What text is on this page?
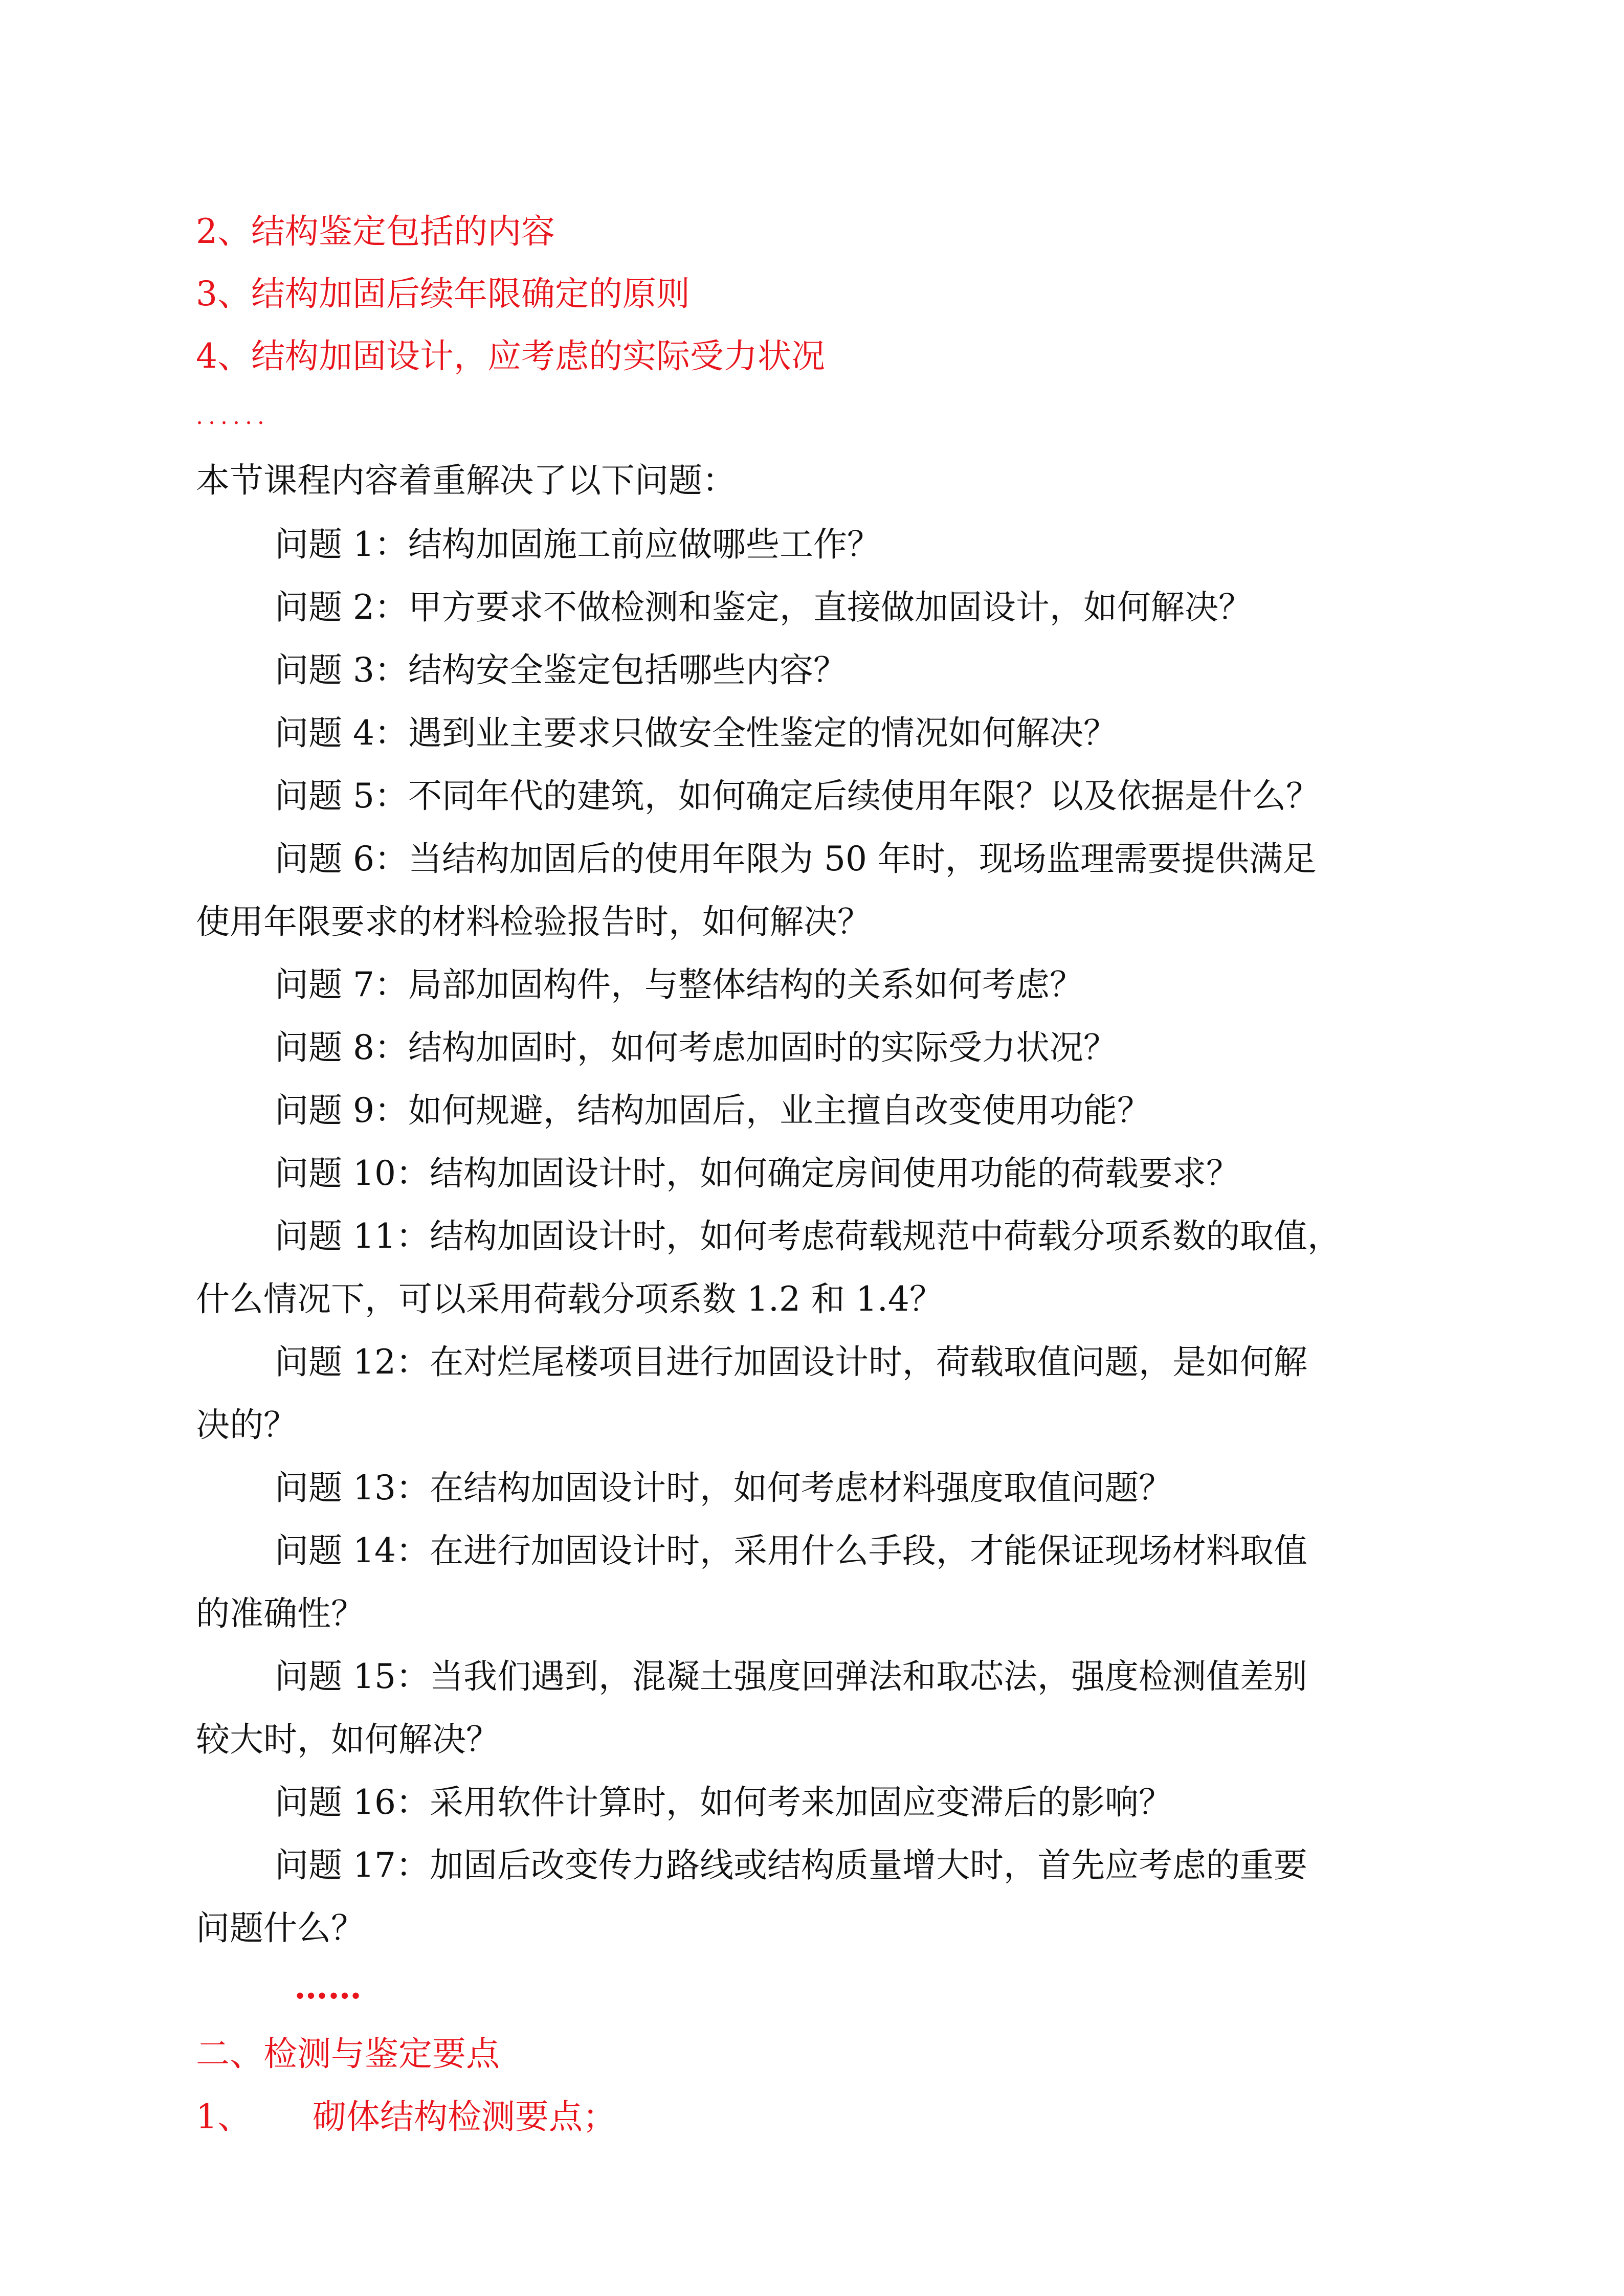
2、结构鉴定包括的内容
3、结构加固后续年限确定的原则
4、结构加固设计，应考虑的实际受力状况
......
本节课程内容着重解决了以下问题：
问题 1：结构加固施工前应做哪些工作？
问题 2：甲方要求不做检测和鉴定，直接做加固设计，如何解决？
问题 3：结构安全鉴定包括哪些内容？
问题 4：遇到业主要求只做安全性鉴定的情况如何解决？
问题 5：不同年代的建筑，如何确定后续使用年限？以及依据是什么？
问题 6：当结构加固后的使用年限为 50 年时，现场监理需要提供满足
使用年限要求的材料检验报告时，如何解决？
问题 7：局部加固构件，与整体结构的关系如何考虑？
问题 8：结构加固时，如何考虑加固时的实际受力状况？
问题 9：如何规避，结构加固后，业主擅自改变使用功能？
问题 10：结构加固设计时，如何确定房间使用功能的荷载要求？
问题 11：结构加固设计时，如何考虑荷载规范中荷载分项系数的取值，
什么情况下，可以采用荷载分项系数 1.2 和 1.4？
问题 12：在对烂尾楼项目进行加固设计时，荷载取值问题，是如何解
决的？
问题 13：在结构加固设计时，如何考虑材料强度取值问题？
问题 14：在进行加固设计时，采用什么手段，才能保证现场材料取值
的准确性？
问题 15：当我们遇到，混凝土强度回弹法和取芯法，强度检测值差别
较大时，如何解决？
问题 16：采用软件计算时，如何考来加固应变滞后的影响？
问题 17：加固后改变传力路线或结构质量增大时，首先应考虑的重要
问题什么？
……
二、检测与鉴定要点
1、 砌体结构检测要点；
